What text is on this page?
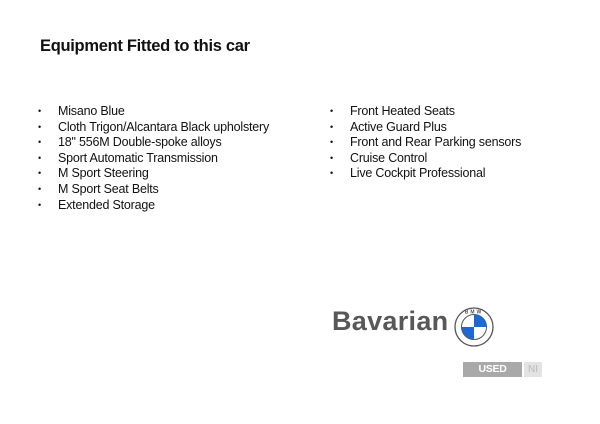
Equipment Fitted to this car
• Misano Blue
• Cloth Trigon/Alcantara Black upholstery
• 18" 556M Double-spoke alloys
• Sport Automatic Transmission
• M Sport Steering
• M Sport Seat Belts
• Extended Storage
• Front Heated Seats
• Active Guard Plus
• Front and Rear Parking sensors
• Cruise Control
• Live Cockpit Professional
Bavarian	BMW
USED CARS
NI
